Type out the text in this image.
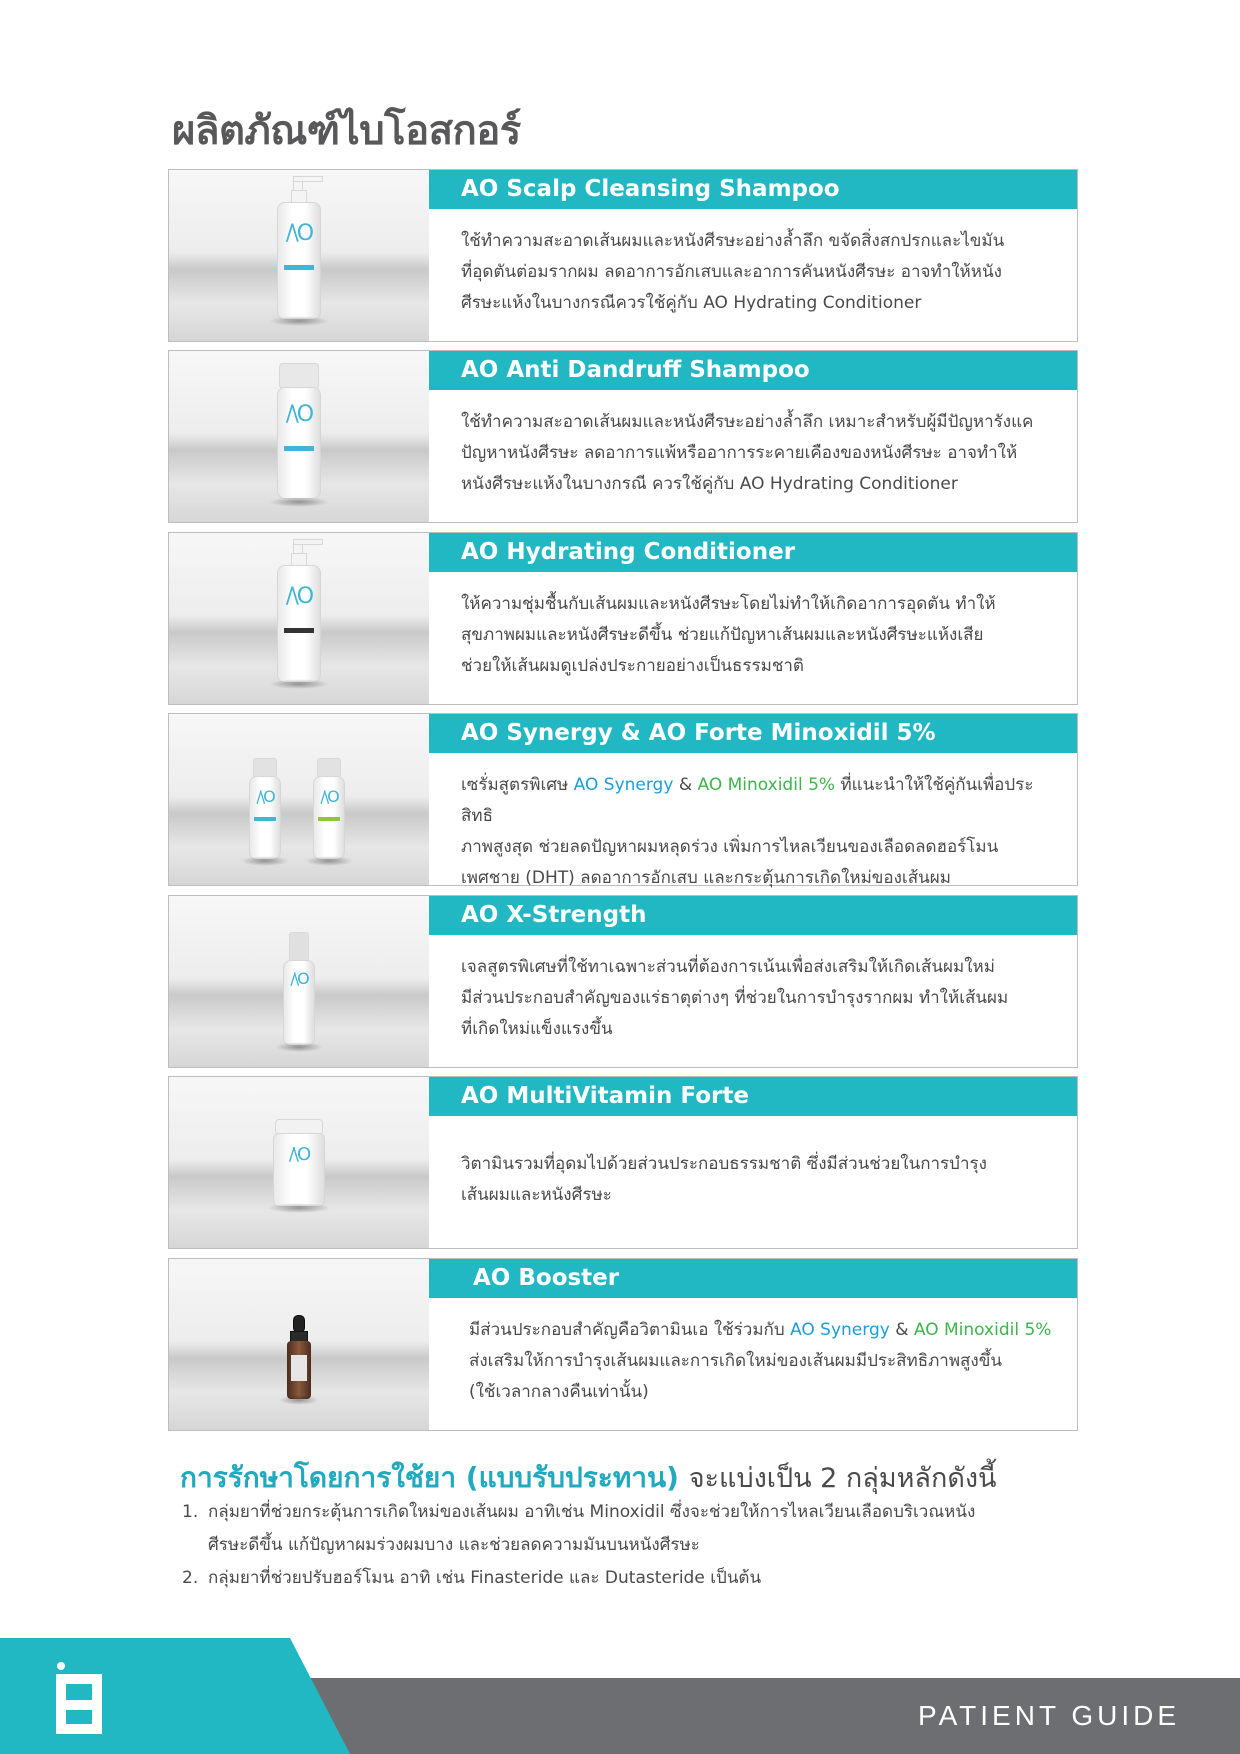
ผลิตภัณฑ์ไบโอสกอร์
/\O
AO Scalp Cleansing Shampoo
ใช้ทำความสะอาดเส้นผมและหนังศีรษะอย่างล้ำลึก ขจัดสิ่งสกปรกและไขมัน
ที่อุดตันต่อมรากผม ลดอาการอักเสบและอาการคันหนังศีรษะ อาจทำให้หนัง
ศีรษะแห้งในบางกรณีควรใช้คู่กับ AO Hydrating Conditioner
/\O
AO Anti Dandruff Shampoo
ใช้ทำความสะอาดเส้นผมและหนังศีรษะอย่างล้ำลึก เหมาะสำหรับผู้มีปัญหารังแค
ปัญหาหนังศีรษะ ลดอาการแพ้หรืออาการระคายเคืองของหนังศีรษะ อาจทำให้
หนังศีรษะแห้งในบางกรณี ควรใช้คู่กับ AO Hydrating Conditioner
/\O
AO Hydrating Conditioner
ให้ความชุ่มชื้นกับเส้นผมและหนังศีรษะโดยไม่ทำให้เกิดอาการอุดตัน ทำให้
สุขภาพผมและหนังศีรษะดีขึ้น ช่วยแก้ปัญหาเส้นผมและหนังศีรษะแห้งเสีย
ช่วยให้เส้นผมดูเปล่งประกายอย่างเป็นธรรมชาติ
/\O	/\O
AO Synergy & AO Forte Minoxidil 5%
เซรั่มสูตรพิเศษ AO Synergy & AO Minoxidil 5% ที่แนะนำให้ใช้คู่กันเพื่อประสิทธิ
ภาพสูงสุด ช่วยลดปัญหาผมหลุดร่วง เพิ่มการไหลเวียนของเลือดลดฮอร์โมน
เพศชาย (DHT) ลดอาการอักเสบ และกระตุ้นการเกิดใหม่ของเส้นผม
/\O
AO X-Strength
เจลสูตรพิเศษที่ใช้ทาเฉพาะส่วนที่ต้องการเน้นเพื่อส่งเสริมให้เกิดเส้นผมใหม่
มีส่วนประกอบสำคัญของแร่ธาตุต่างๆ ที่ช่วยในการบำรุงรากผม ทำให้เส้นผม
ที่เกิดใหม่แข็งแรงขึ้น
/\O
AO MultiVitamin Forte
วิตามินรวมที่อุดมไปด้วยส่วนประกอบธรรมชาติ ซึ่งมีส่วนช่วยในการบำรุง
เส้นผมและหนังศีรษะ
AO Booster
มีส่วนประกอบสำคัญคือวิตามินเอ ใช้ร่วมกับ AO Synergy & AO Minoxidil 5%
ส่งเสริมให้การบำรุงเส้นผมและการเกิดใหม่ของเส้นผมมีประสิทธิภาพสูงขึ้น
(ใช้เวลากลางคืนเท่านั้น)
การรักษาโดยการใช้ยา (แบบรับประทาน) จะแบ่งเป็น 2 กลุ่มหลักดังนี้
1. กลุ่มยาที่ช่วยกระตุ้นการเกิดใหม่ของเส้นผม อาทิเช่น Minoxidil ซึ่งจะช่วยให้การไหลเวียนเลือดบริเวณหนัง
ศีรษะดีขึ้น แก้ปัญหาผมร่วงผมบาง และช่วยลดความมันบนหนังศีรษะ
2. กลุ่มยาที่ช่วยปรับฮอร์โมน อาทิ เช่น Finasteride และ Dutasteride เป็นต้น
PATIENT GUIDE
